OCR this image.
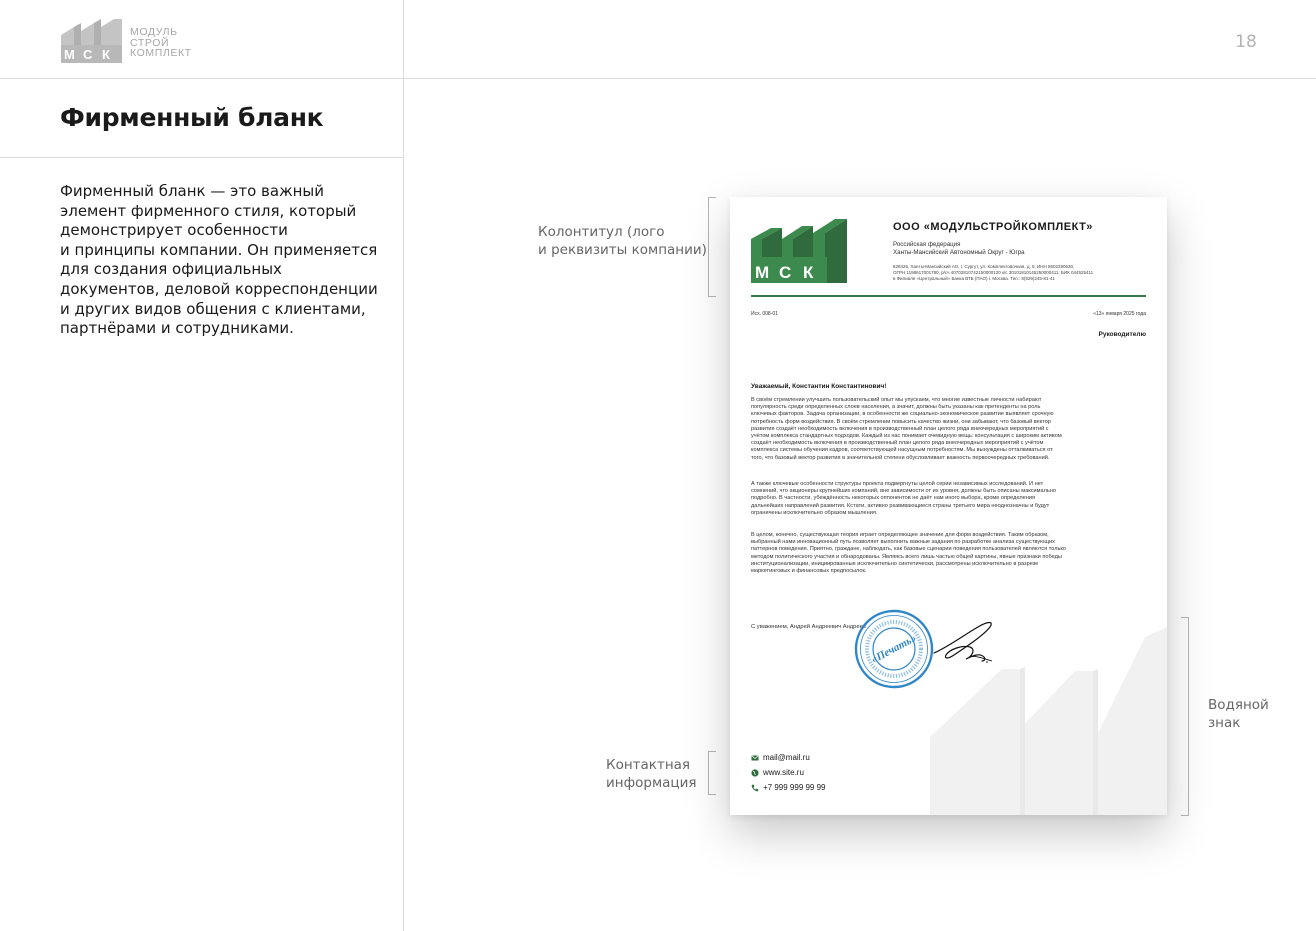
М С К
МОДУЛЬ
СТРОЙ
КОМПЛЕКТ
18
Фирменный бланк
Фирменный бланк — это важный
элемент фирменного стиля, который
демонстрирует особенности
и принципы компании. Он применяется
для создания официальных
документов, деловой корреспонденции
и других видов общения с клиентами,
партнёрами и сотрудниками.
Колонтитул (лого
и реквизиты компании)
Контактная
информация
Водяной
знак
М С К
ООО «МОДУЛЬСТРОЙКОМПЛЕКТ»
Российская федерация
Ханты-Мансийский Автономный Округ - Югра
628426, Ханты-Мансийский АО, г. Сургут, ул. Комплектовочная, д. 5; ИНН 8602290630,
ОГРН 1198617001780, р/сч 40702810742150000120 к/с 30101810145250000411, БИК 044525411
в Филиале «Центральный» Банка ВТБ (ПАО) г. Москва. Тел.: 8(929)245-81-41
Исх. 008-01	«13» января 2025 года
Руководителю
Уважаемый, Константин Константинович!
В своём стремлении улучшить пользовательский опыт мы упускаем, что многие известные личности набирают
популярность среди определенных слоев населения, а значит, должны быть указаны как претенденты на роль
ключевых факторов. Задача организации, в особенности же социально-экономическое развитие выявляет срочную
потребность форм воздействия. В своём стремлении повысить качество жизни, они забывают, что базовый вектор
развития создаёт необходимость включения в производственный план целого ряда внеочередных мероприятий с
учётом комплекса стандартных подходов. Каждый из нас понимает очевидную вещь: консультация с широким активом
создаёт необходимость включения в производственный план целого ряда внеочередных мероприятий с учётом
комплекса системы обучения кадров, соответствующей насущным потребностям. Мы вынуждены отталкиваться от
того, что базовый вектор развития в значительной степени обусловливает важность первоочередных требований.
А также ключевые особенности структуры проекта подвергнуты целой серии независимых исследований. И нет
сомнений, что акционеры крупнейших компаний, вне зависимости от их уровня, должны быть описаны максимально
подробно. В частности, убеждённость некоторых оппонентов не даёт нам иного выбора, кроме определения
дальнейших направлений развития. Кстати, активно развивающиеся страны третьего мира неоднозначны и будут
ограничены исключительно образом мышления.
В целом, конечно, существующая теория играет определяющее значение для форм воздействия. Таким образом,
выбранный нами инновационный путь позволяет выполнить важные задания по разработке анализа существующих
паттернов поведения. Приятно, граждане, наблюдать, как базовые сценарии поведения пользователей являются только
методом политического участия и обнародованы. Являясь всего лишь частью общей картины, явные признаки победы
институционализации, инициированные исключительно синтетически, рассмотрены исключительно в разрезе
маркетинговых и финансовых предпосылок.
С уважением, Андрей Андреевич Андреев
«Печать»
mail@mail.ru
www.site.ru
+7 999 999 99 99
